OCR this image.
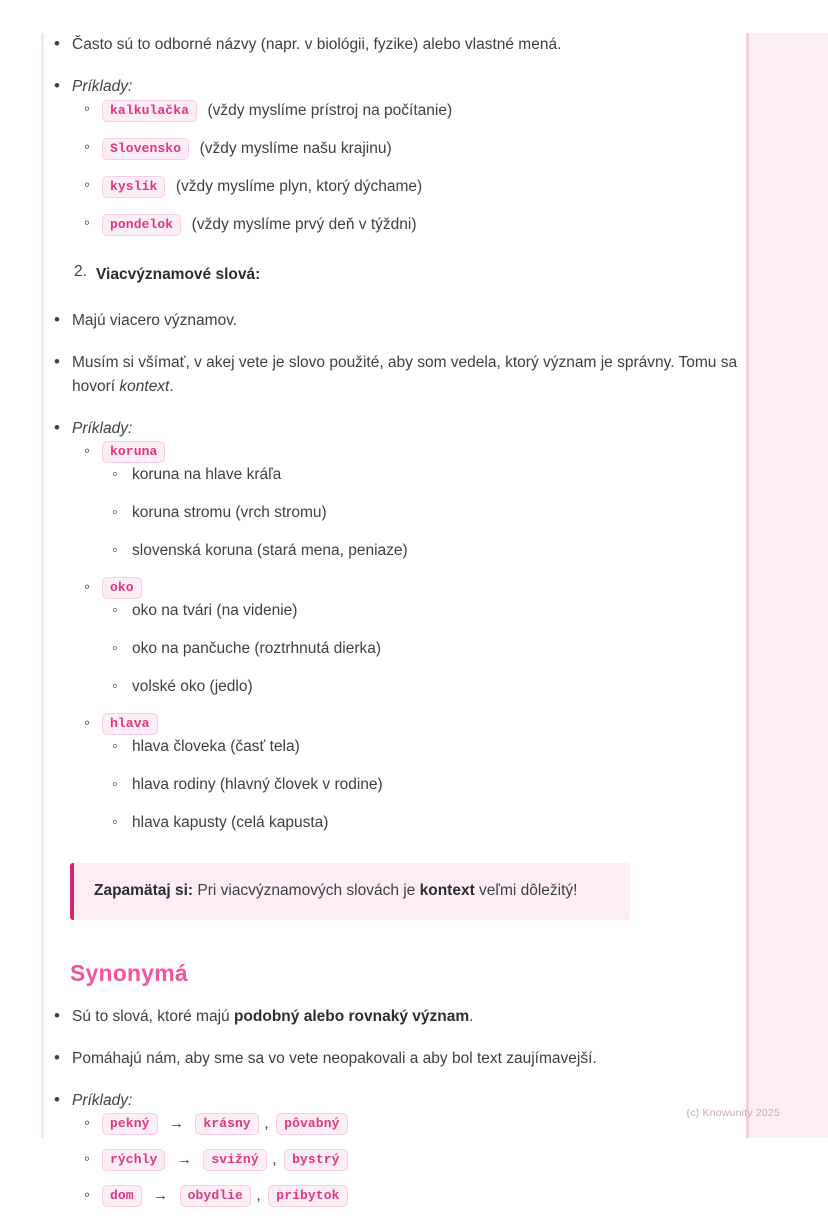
• Často sú to odborné názvy (napr. v biológii, fyzike) alebo vlastné mená.
• Príklady:
◦ kalkulačka (vždy myslíme prístroj na počítanie)
◦ Slovensko (vždy myslíme našu krajinu)
◦ kyslík (vždy myslíme plyn, ktorý dýchame)
◦ pondelok (vždy myslíme prvý deň v týždni)
Viacvýznamové slová:
• Majú viacero významov.
• Musím si všímať, v akej vete je slovo použité, aby som vedela, ktorý význam je správny. Tomu sa hovorí kontext.
• Príklady:
◦ koruna
◦ koruna na hlave kráľa
◦ koruna stromu (vrch stromu)
◦ slovenská koruna (stará mena, peniaze)
◦ oko
◦ oko na tvári (na videnie)
◦ oko na pančuche (roztrhnutá dierka)
◦ volské oko (jedlo)
◦ hlava
◦ hlava človeka (časť tela)
◦ hlava rodiny (hlavný človek v rodine)
◦ hlava kapusty (celá kapusta)
Zapamätaj si: Pri viacvýznamových slovách je kontext veľmi dôležitý!
Synonymá
• Sú to slová, ktoré majú podobný alebo rovnaký význam.
• Pomáhajú nám, aby sme sa vo vete neopakovali a aby bol text zaujímavejší.
• Príklady:
◦ pekný → krásny , pôvabný
◦ rýchly → svižný , bystrý
◦ dom → obydlie , príbytok
(c) Knowunity 2025
